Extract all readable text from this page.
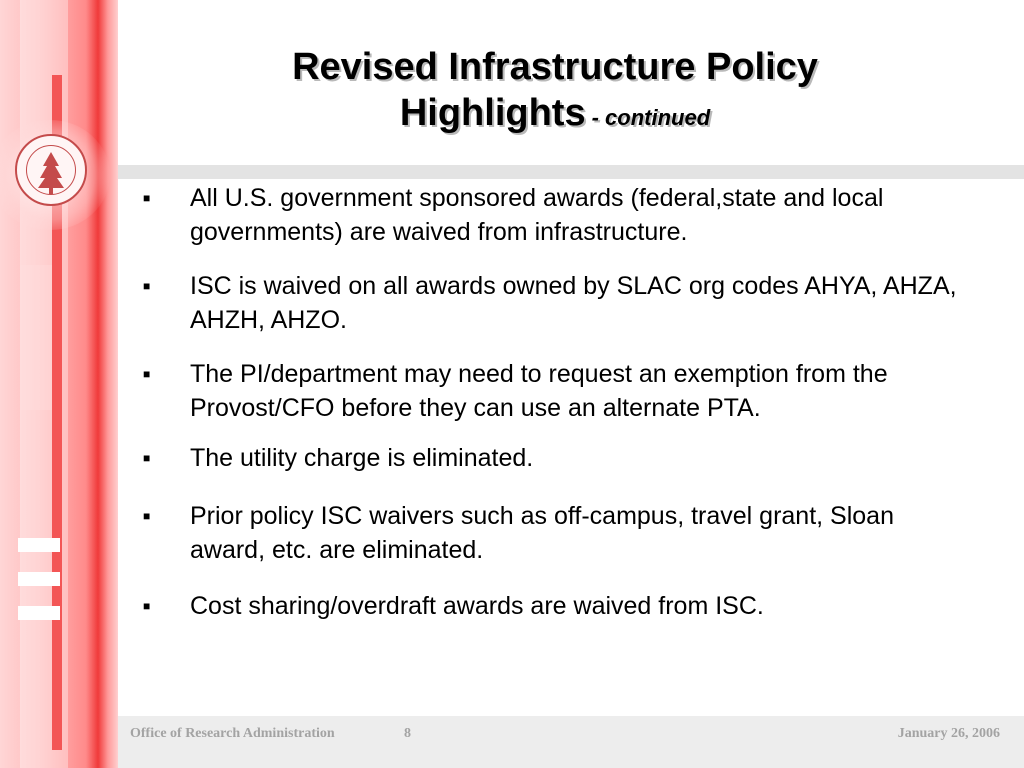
Revised Infrastructure Policy Highlights - continued
■
All U.S. government sponsored awards (federal,state and local governments) are waived from infrastructure.
■
ISC is waived on all awards owned by SLAC org codes AHYA, AHZA, AHZH, AHZO.
■
The PI/department may need to request an exemption from the Provost/CFO before they can use an alternate PTA.
■
The utility charge is eliminated.
■
Prior policy ISC waivers such as off-campus, travel grant, Sloan award, etc. are eliminated.
■
Cost sharing/overdraft awards are waived from ISC.
Office of Research Administration	8	January 26, 2006
